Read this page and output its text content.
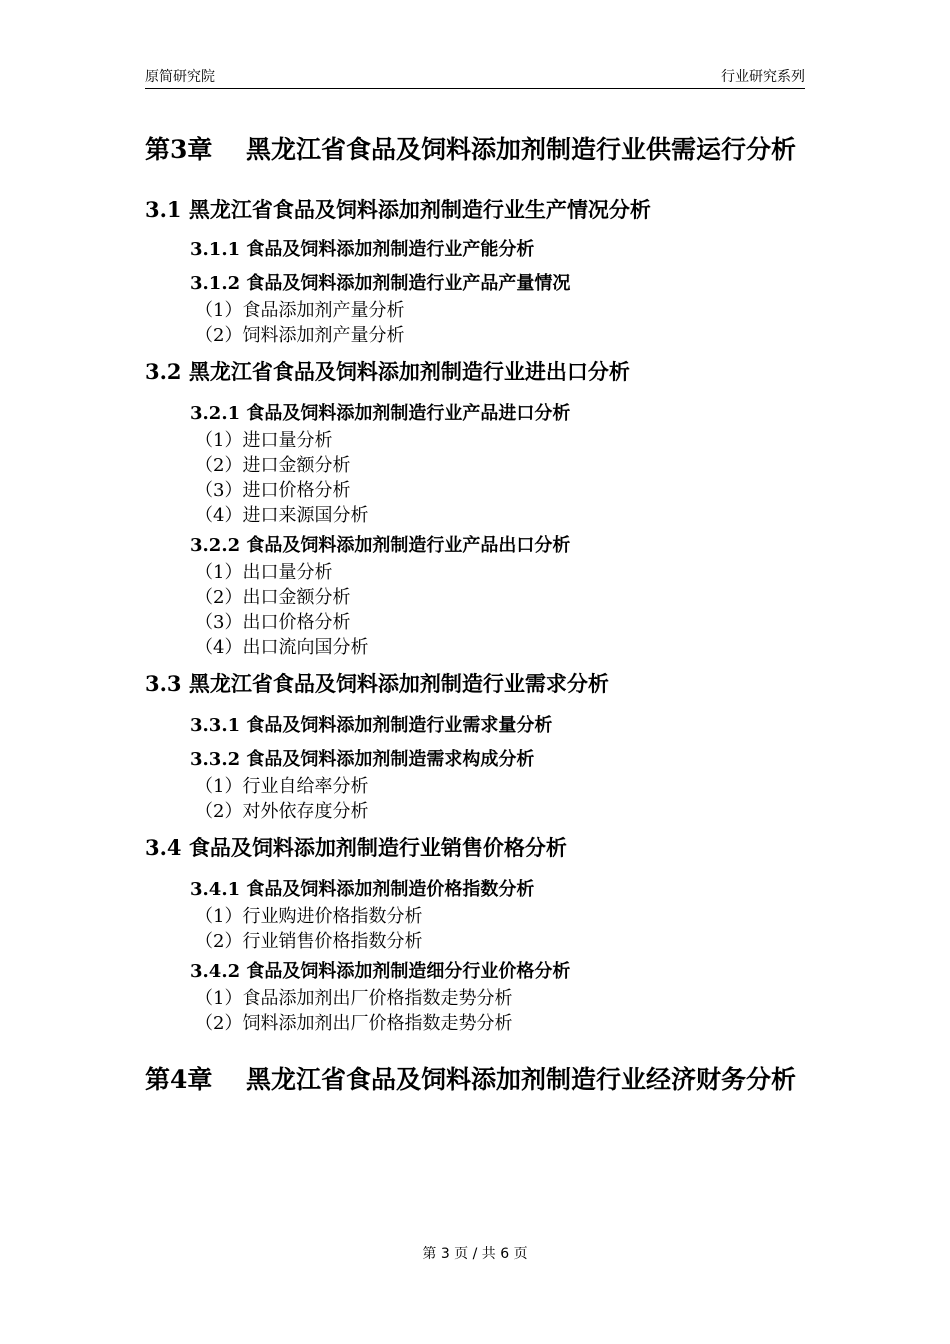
原简研究院	行业研究系列
第3章 黑龙江省食品及饲料添加剂制造行业供需运行分析
3.1 黑龙江省食品及饲料添加剂制造行业生产情况分析
3.1.1 食品及饲料添加剂制造行业产能分析
3.1.2 食品及饲料添加剂制造行业产品产量情况
（1）食品添加剂产量分析
（2）饲料添加剂产量分析
3.2 黑龙江省食品及饲料添加剂制造行业进出口分析
3.2.1 食品及饲料添加剂制造行业产品进口分析
（1）进口量分析
（2）进口金额分析
（3）进口价格分析
（4）进口来源国分析
3.2.2 食品及饲料添加剂制造行业产品出口分析
（1）出口量分析
（2）出口金额分析
（3）出口价格分析
（4）出口流向国分析
3.3 黑龙江省食品及饲料添加剂制造行业需求分析
3.3.1 食品及饲料添加剂制造行业需求量分析
3.3.2 食品及饲料添加剂制造需求构成分析
（1）行业自给率分析
（2）对外依存度分析
3.4 食品及饲料添加剂制造行业销售价格分析
3.4.1 食品及饲料添加剂制造价格指数分析
（1）行业购进价格指数分析
（2）行业销售价格指数分析
3.4.2 食品及饲料添加剂制造细分行业价格分析
（1）食品添加剂出厂价格指数走势分析
（2）饲料添加剂出厂价格指数走势分析
第4章 黑龙江省食品及饲料添加剂制造行业经济财务分析
第 3 页 / 共 6 页
